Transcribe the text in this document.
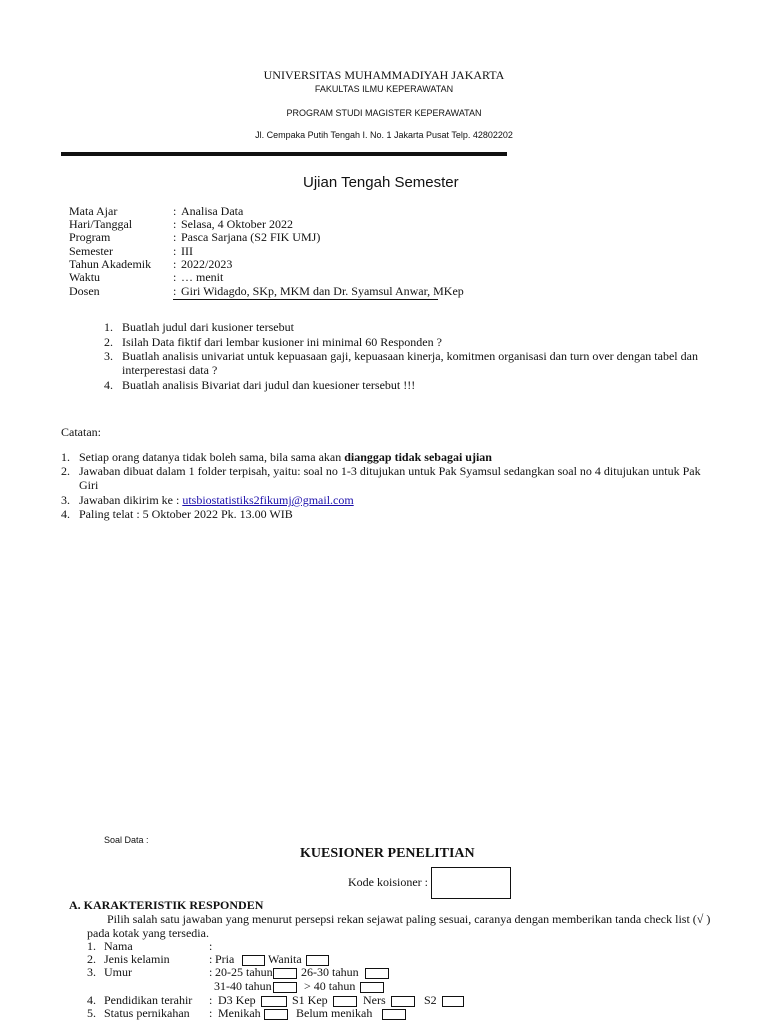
UNIVERSITAS MUHAMMADIYAH JAKARTA
FAKULTAS ILMU KEPERAWATAN
PROGRAM STUDI MAGISTER KEPERAWATAN
Jl. Cempaka Putih Tengah I. No. 1 Jakarta Pusat Telp. 42802202
Ujian Tengah Semester
Mata Ajar	: Analisa Data
Hari/Tanggal	: Selasa, 4 Oktober 2022
Program	: Pasca Sarjana (S2 FIK UMJ)
Semester	: III
Tahun Akademik : 2022/2023
Waktu	: … menit
Dosen	: Giri Widagdo, SKp, MKM dan Dr. Syamsul Anwar, MKep
1. Buatlah judul dari kusioner tersebut
2. Isilah Data fiktif dari lembar kusioner ini minimal 60 Responden ?
3. Buatlah analisis univariat untuk kepuasaan gaji, kepuasaan kinerja, komitmen organisasi dan turn over dengan tabel dan
interperestasi data ?
4. Buatlah analisis Bivariat dari judul dan kuesioner tersebut !!!
Catatan:
1. Setiap orang datanya tidak boleh sama, bila sama akan dianggap tidak sebagai ujian
2. Jawaban dibuat dalam 1 folder terpisah, yaitu: soal no 1-3 ditujukan untuk Pak Syamsul sedangkan soal no 4 ditujukan untuk Pak
Giri
3. Jawaban dikirim ke : utsbiostatistiks2fikumj@gmail.com
4. Paling telat : 5 Oktober 2022 Pk. 13.00 WIB
Soal Data :
KUESIONER PENELITIAN
Kode koisioner :
A. KARAKTERISTIK RESPONDEN
Pilih salah satu jawaban yang menurut persepsi rekan sejawat paling sesuai, caranya dengan memberikan tanda check list (√ )
pada kotak yang tersedia.
1. Nama	:
2. Jenis kelamin	: Pria	Wanita
3. Umur	: 20-25 tahun 26-30 tahun
31-40 tahun	> 40 tahun
4. Pendidikan terahir : D3 Kep	S1 Kep	Ners	S2
5. Status pernikahan : Menikah	Belum menikah
